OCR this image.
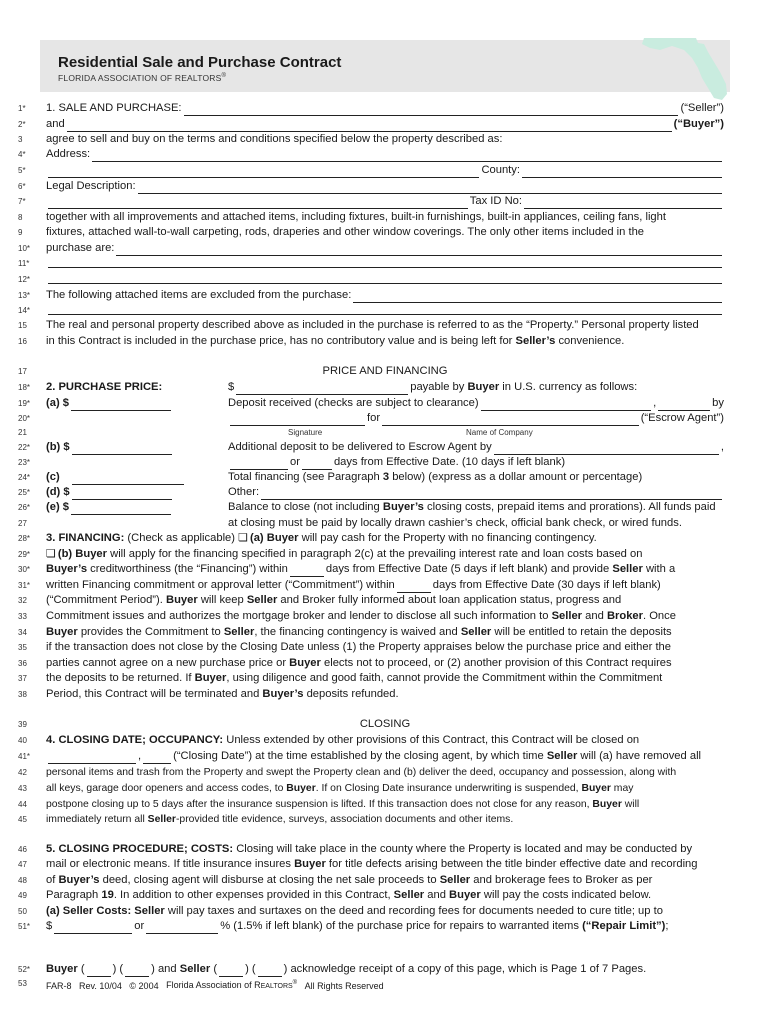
Residential Sale and Purchase Contract
FLORIDA ASSOCIATION OF REALTORS®
1*	1. SALE AND PURCHASE:	(“Seller”)
2*	and	(“Buyer”)
3	agree to sell and buy on the terms and conditions specified below the property described as:
4*	Address:
5*	County:
6*	Legal Description:
7*	Tax ID No:
8	together with all improvements and attached items, including fixtures, built-in furnishings, built-in appliances, ceiling fans, light
9	fixtures, attached wall-to-wall carpeting, rods, draperies and other window coverings. The only other items included in the
10*	purchase are:
11*
12*
13*	The following attached items are excluded from the purchase:
14*
15	The real and personal property described above as included in the purchase is referred to as the “Property.” Personal property listed
16	in this Contract is included in the purchase price, has no contributory value and is being left for
Seller’s
convenience.
17	PRICE AND FINANCING
18*	2. PURCHASE PRICE:	$	payable by
Buyer
in U.S. currency as follows:
19*	(a) $	Deposit received (checks are subject to clearance)	,	by
20*	for	(“Escrow Agent”)
21	Signature	Name of Company
22*	(b) $	Additional deposit to be delivered to Escrow Agent by	,
23*	or	days from Effective Date. (10 days if left blank)
24*	(c)	Total financing (see Paragraph
3
below) (express as a dollar amount or percentage)
25*	(d) $	Other:
26*	(e) $	Balance to close (not including
Buyer’s
closing costs, prepaid items and prorations). All funds paid
27	at closing must be paid by locally drawn cashier’s check, official bank check, or wired funds.
28*	3. FINANCING:
(Check as applicable)
❏ (a)
Buyer
will pay cash for the Property with no financing contingency.
29*	❏ (b)
Buyer
will apply for the financing specified in paragraph 2(c) at the prevailing interest rate and loan costs based on
30*	Buyer’s
creditworthiness (the “Financing”) within	days from Effective Date (5 days if left blank) and provide
Seller
with a
31*	written Financing commitment or approval letter (“Commitment”) within	days from Effective Date (30 days if left blank)
32	(“Commitment Period”).
Buyer
will keep
Seller
and Broker fully informed about loan application status, progress and
33	Commitment issues and authorizes the mortgage broker and lender to disclose all such information to
Seller
and
Broker . Once
34	Buyer
provides the Commitment to
Seller , the financing contingency is waived and
Seller
will be entitled to retain the deposits
35	if the transaction does not close by the Closing Date unless (1) the Property appraises below the purchase price and either the
36	parties cannot agree on a new purchase price or
Buyer
elects not to proceed, or (2) another provision of this Contract requires
37	the deposits to be returned. If
Buyer , using diligence and good faith, cannot provide the Commitment within the Commitment
38	Period, this Contract will be terminated and
Buyer’s
deposits refunded.
39	CLOSING
40	4. CLOSING DATE; OCCUPANCY:
Unless extended by other provisions of this Contract, this Contract will be closed on
41*	,	(“Closing Date”) at the time established by the closing agent, by which time
Seller
will (a) have removed all
42	personal items and trash from the Property and swept the Property clean and (b) deliver the deed, occupancy and possession, along with
43	all keys, garage door openers and access codes, to
Buyer . If on Closing Date insurance underwriting is suspended,
Buyer
may
44	postpone closing up to 5 days after the insurance suspension is lifted. If this transaction does not close for any reason,
Buyer
will
45	immediately return all
Seller -provided title evidence, surveys, association documents and other items.
46	5. CLOSING PROCEDURE; COSTS:
Closing will take place in the county where the Property is located and may be conducted by
47	mail or electronic means. If title insurance insures
Buyer
for title defects arising between the title binder effective date and recording
48	of
Buyer’s
deed, closing agent will disburse at closing the net sale proceeds to
Seller
and brokerage fees to Broker as per
49	Paragraph
19 . In addition to other expenses provided in this Contract,
Seller
and
Buyer
will pay the costs indicated below.
50	(a) Seller Costs:
Seller
will pay taxes and surtaxes on the deed and recording fees for documents needed to cure title; up to
51*	$	or	% (1.5% if left blank) of the purchase price for repairs to warranted items
(“Repair Limit”) ;
52*	Buyer
(	) (	) and
Seller
(	) (	) acknowledge receipt of a copy of this page, which is Page 1 of 7 Pages.
53	FAR-8
Rev. 10/04
© 2004
Florida Association of REALTORS®
All Rights Reserved
